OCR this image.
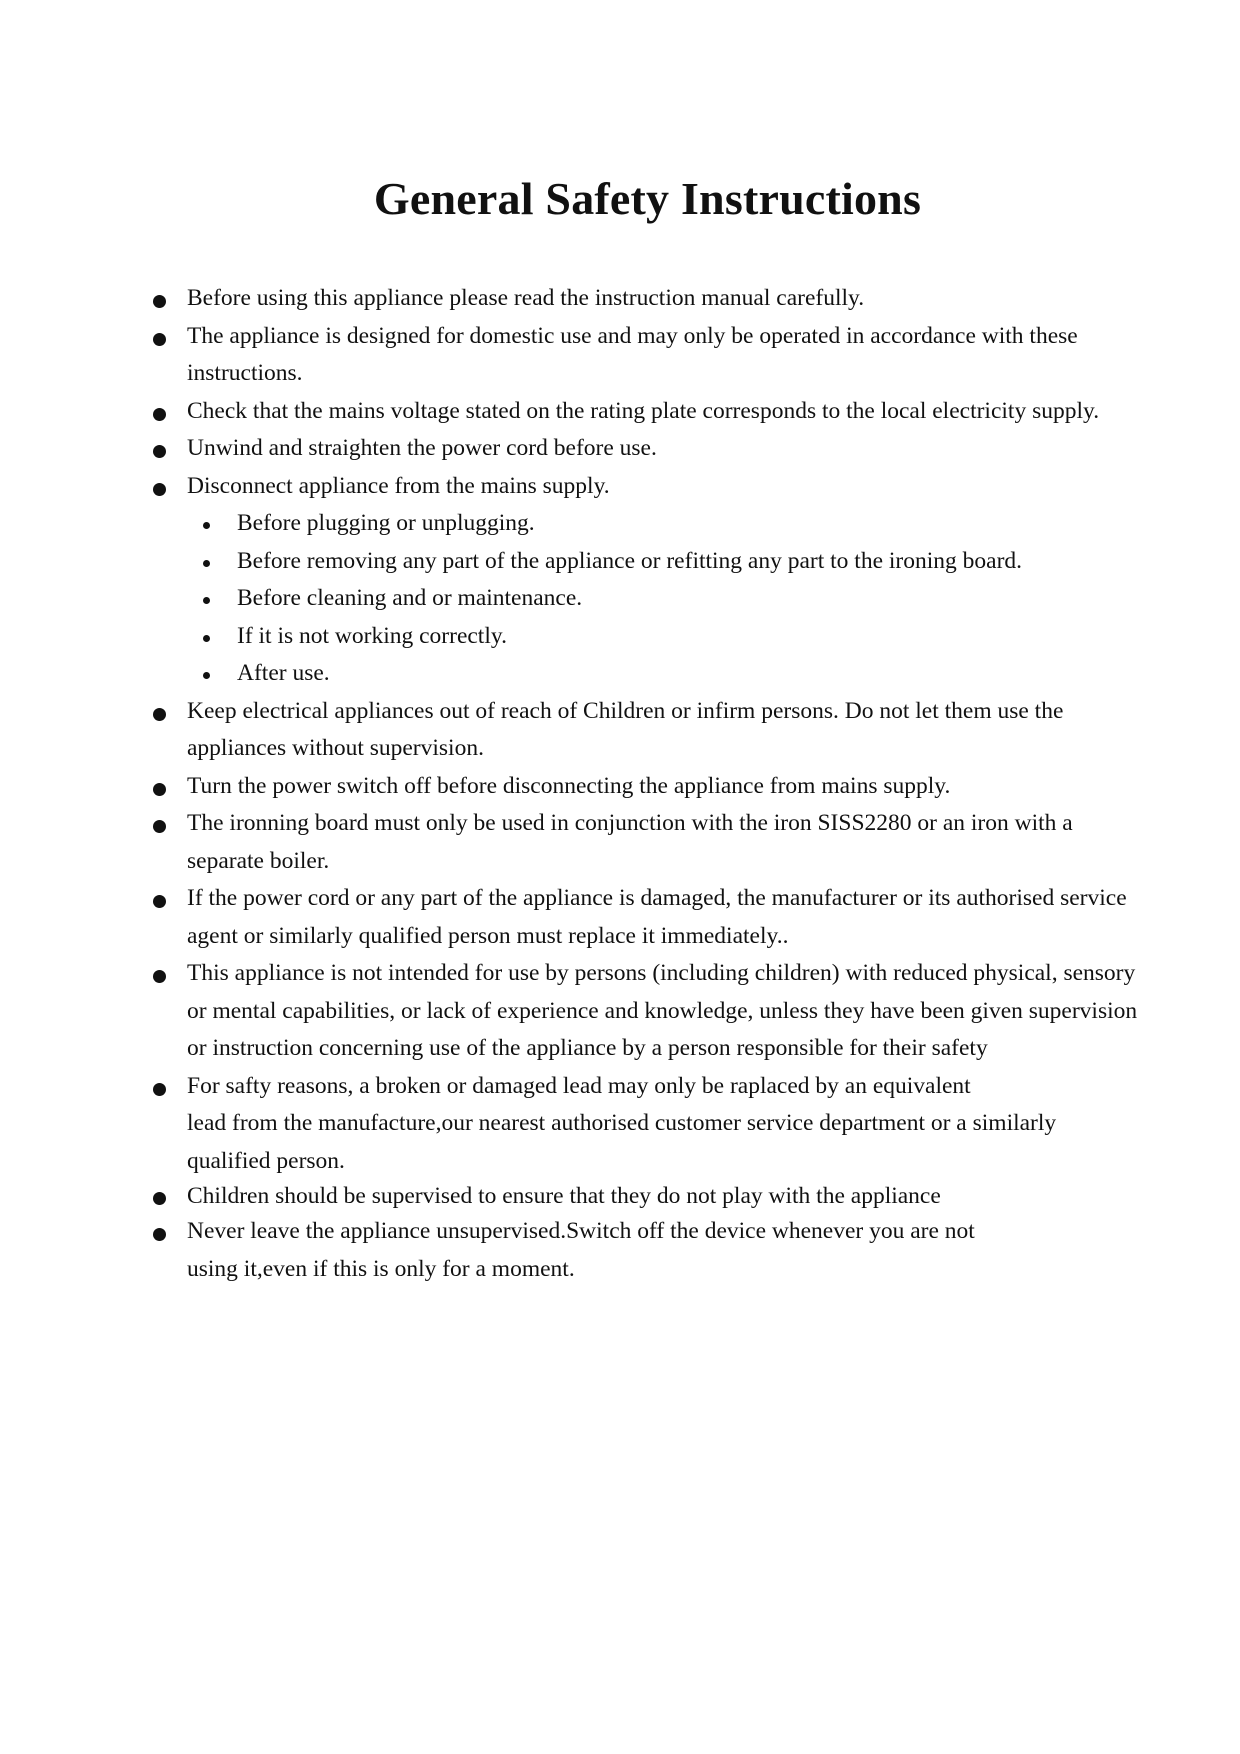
General Safety Instructions
Before using this appliance please read the instruction manual carefully.
The appliance is designed for domestic use and may only be operated in accordance with these instructions.
Check that the mains voltage stated on the rating plate corresponds to the local electricity supply.
Unwind and straighten the power cord before use.
Disconnect appliance from the mains supply.
Before plugging or unplugging.
Before removing any part of the appliance or refitting any part to the ironing board.
Before cleaning and or maintenance.
If it is not working correctly.
After use.
Keep electrical appliances out of reach of Children or infirm persons. Do not let them use the appliances without supervision.
Turn the power switch off before disconnecting the appliance from mains supply.
The ironning board must only be used in conjunction with the iron SISS2280 or an iron with a separate boiler.
If the power cord or any part of the appliance is damaged, the manufacturer or its authorised service agent or similarly qualified person must replace it immediately..
This appliance is not intended for use by persons (including children) with reduced physical, sensory or mental capabilities, or lack of experience and knowledge, unless they have been given supervision or instruction concerning use of the appliance by a person responsible for their safety
For safty reasons, a broken or damaged lead may only be raplaced by an equivalent
lead from the manufacture,our nearest authorised customer service department or a similarly qualified person.
Children should be supervised to ensure that they do not play with the appliance
Never leave the appliance unsupervised.Switch off the device whenever you are not
using it,even if this is only for a moment.
